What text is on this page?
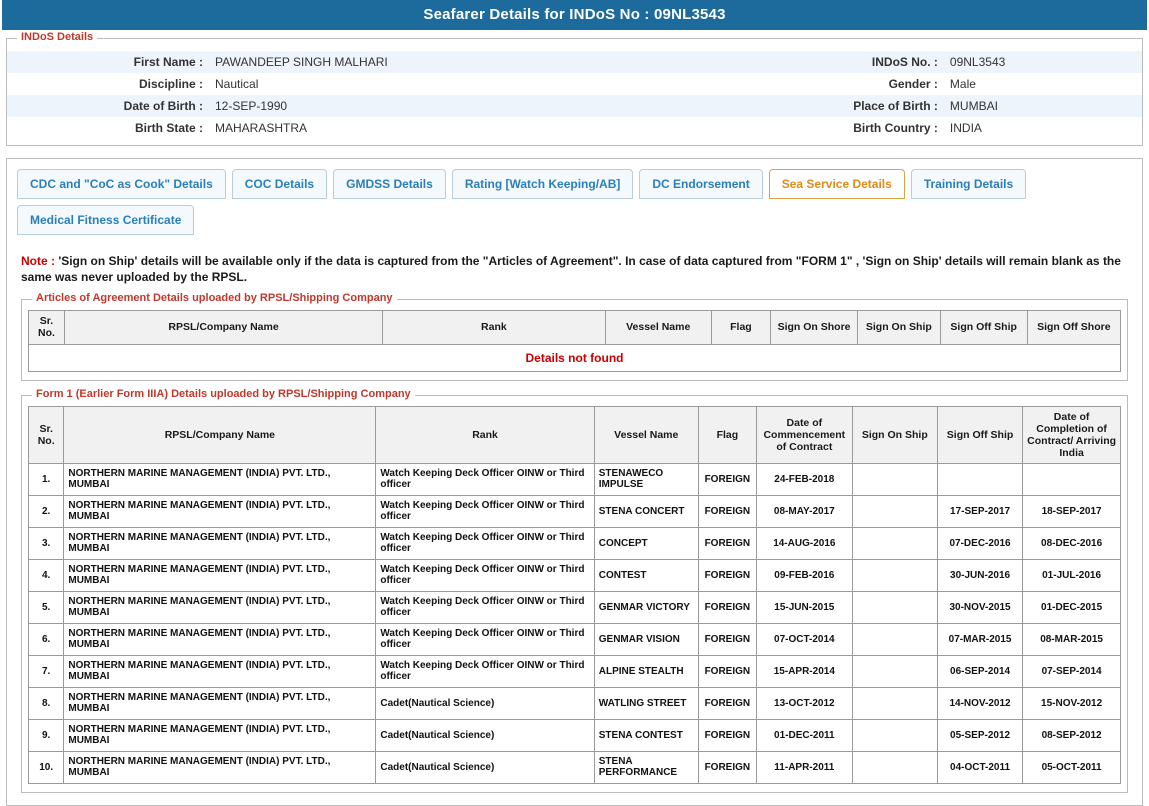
Seafarer Details for INDoS No : 09NL3543
INDoS Details
First Name :	PAWANDEEP SINGH MALHARI	INDoS No. :	09NL3543
Discipline :	Nautical	Gender :	Male
Date of Birth :	12-SEP-1990	Place of Birth :	MUMBAI
Birth State :	MAHARASHTRA	Birth Country :	INDIA
CDC and "CoC as Cook" Details	COC Details	GMDSS Details	Rating [Watch Keeping/AB]	DC Endorsement	Sea Service Details	Training Details
Medical Fitness Certificate
Note : 'Sign on Ship' details will be available only if the data is captured from the "Articles of Agreement". In case of data captured from "FORM 1" , 'Sign on Ship' details will remain blank as the same was never uploaded by the RPSL.
Articles of Agreement Details uploaded by RPSL/Shipping Company
Sr. No.	RPSL/Company Name	Rank	Vessel Name	Flag	Sign On Shore	Sign On Ship	Sign Off Ship	Sign Off Shore
Details not found
Form 1 (Earlier Form IIIA) Details uploaded by RPSL/Shipping Company
Sr. No.	RPSL/Company Name	Rank	Vessel Name	Flag	Date of Commencement of Contract	Sign On Ship	Sign Off Ship	Date of Completion of Contract/ Arriving India
1.	NORTHERN MARINE MANAGEMENT (INDIA) PVT. LTD., MUMBAI	Watch Keeping Deck Officer OINW or Third officer	STENAWECO IMPULSE	FOREIGN	24-FEB-2018			
2.	NORTHERN MARINE MANAGEMENT (INDIA) PVT. LTD., MUMBAI	Watch Keeping Deck Officer OINW or Third officer	STENA CONCERT	FOREIGN	08-MAY-2017		17-SEP-2017	18-SEP-2017
3.	NORTHERN MARINE MANAGEMENT (INDIA) PVT. LTD., MUMBAI	Watch Keeping Deck Officer OINW or Third officer	CONCEPT	FOREIGN	14-AUG-2016		07-DEC-2016	08-DEC-2016
4.	NORTHERN MARINE MANAGEMENT (INDIA) PVT. LTD., MUMBAI	Watch Keeping Deck Officer OINW or Third officer	CONTEST	FOREIGN	09-FEB-2016		30-JUN-2016	01-JUL-2016
5.	NORTHERN MARINE MANAGEMENT (INDIA) PVT. LTD., MUMBAI	Watch Keeping Deck Officer OINW or Third officer	GENMAR VICTORY	FOREIGN	15-JUN-2015		30-NOV-2015	01-DEC-2015
6.	NORTHERN MARINE MANAGEMENT (INDIA) PVT. LTD., MUMBAI	Watch Keeping Deck Officer OINW or Third officer	GENMAR VISION	FOREIGN	07-OCT-2014		07-MAR-2015	08-MAR-2015
7.	NORTHERN MARINE MANAGEMENT (INDIA) PVT. LTD., MUMBAI	Watch Keeping Deck Officer OINW or Third officer	ALPINE STEALTH	FOREIGN	15-APR-2014		06-SEP-2014	07-SEP-2014
8.	NORTHERN MARINE MANAGEMENT (INDIA) PVT. LTD., MUMBAI	Cadet(Nautical Science)	WATLING STREET	FOREIGN	13-OCT-2012		14-NOV-2012	15-NOV-2012
9.	NORTHERN MARINE MANAGEMENT (INDIA) PVT. LTD., MUMBAI	Cadet(Nautical Science)	STENA CONTEST	FOREIGN	01-DEC-2011		05-SEP-2012	08-SEP-2012
10.	NORTHERN MARINE MANAGEMENT (INDIA) PVT. LTD., MUMBAI	Cadet(Nautical Science)	STENA PERFORMANCE	FOREIGN	11-APR-2011		04-OCT-2011	05-OCT-2011
